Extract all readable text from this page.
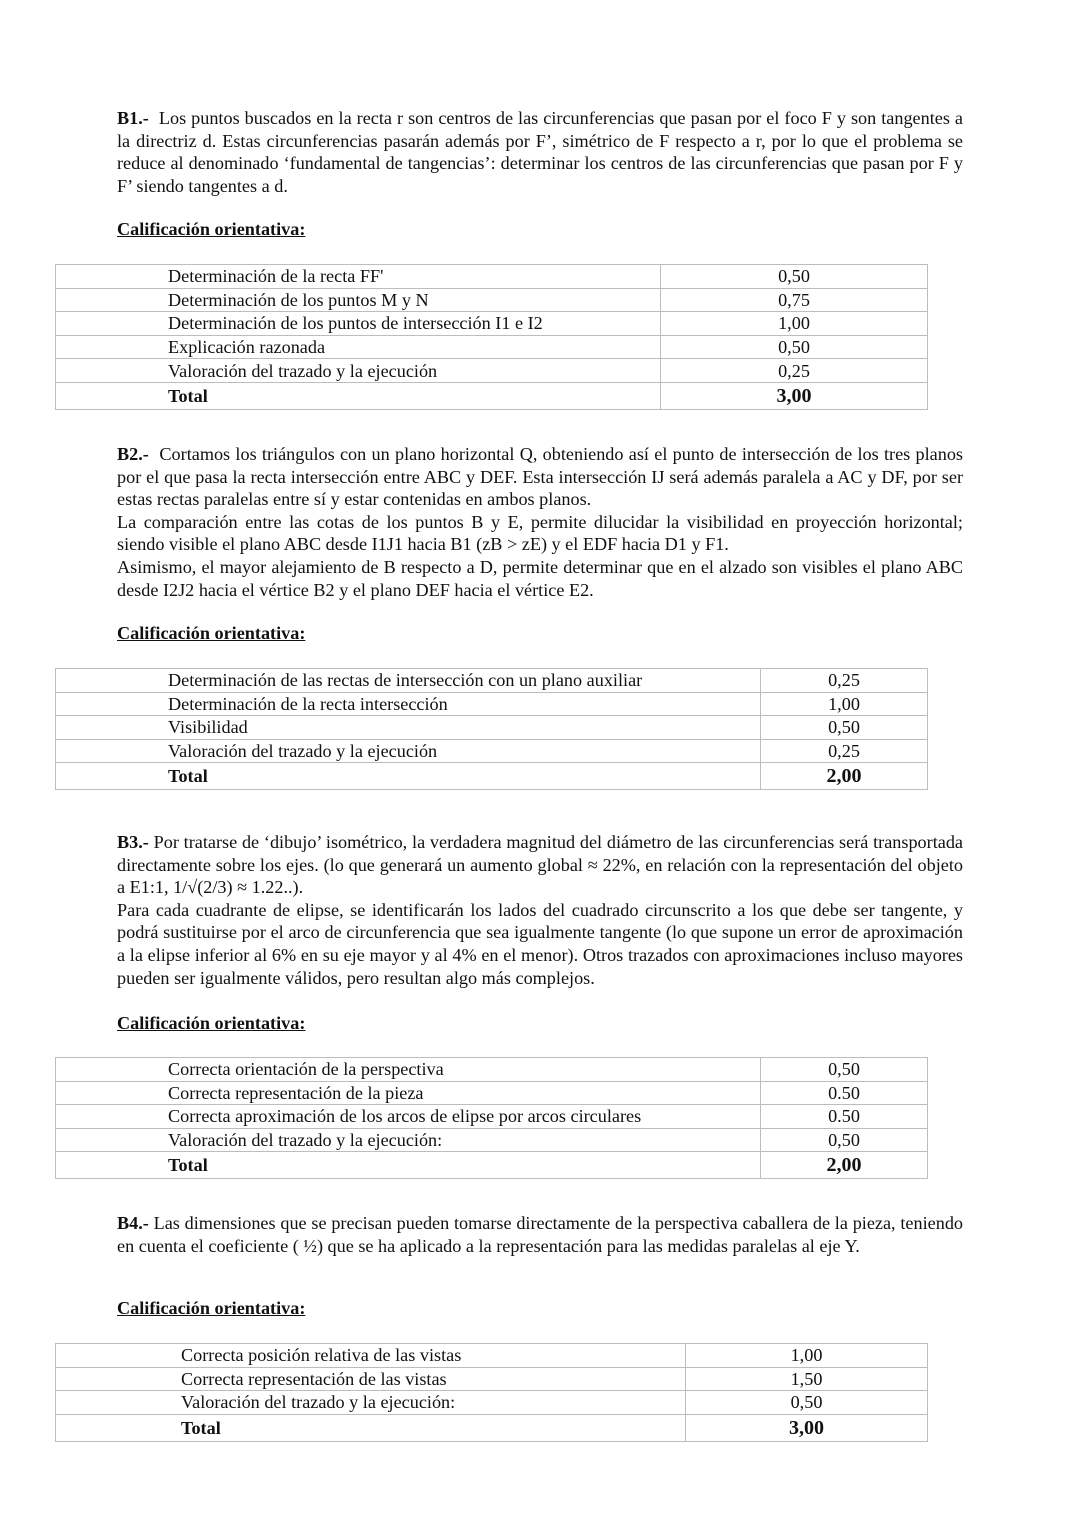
B1.- Los puntos buscados en la recta r son centros de las circunferencias que pasan por el foco F y son tangentes a la directriz d. Estas circunferencias pasarán además por F’, simétrico de F respecto a r, por lo que el problema se reduce al denominado ‘fundamental de tangencias’: determinar los centros de las circunferencias que pasan por F y F’ siendo tangentes a d.

Calificación orientativa:

Determinación de la recta FF'	0,50
Determinación de los puntos M y N	0,75
Determinación de los puntos de intersección I1 e I2	1,00
Explicación razonada	0,50
Valoración del trazado y la ejecución	0,25
Total	3,00
B2.- Cortamos los triángulos con un plano horizontal Q, obteniendo así el punto de intersección de los tres planos por el que pasa la recta intersección entre ABC y DEF. Esta intersección IJ será además paralela a AC y DF, por ser estas rectas paralelas entre sí y estar contenidas en ambos planos.
La comparación entre las cotas de los puntos B y E, permite dilucidar la visibilidad en proyección horizontal; siendo visible el plano ABC desde I1J1 hacia B1 (zB > zE) y el EDF hacia D1 y F1.
Asimismo, el mayor alejamiento de B respecto a D, permite determinar que en el alzado son visibles el plano ABC desde I2J2 hacia el vértice B2 y el plano DEF hacia el vértice E2.

Calificación orientativa:

Determinación de las rectas de intersección con un plano auxiliar	0,25
Determinación de la recta intersección	1,00
Visibilidad	0,50
Valoración del trazado y la ejecución	0,25
Total	2,00
B3.- Por tratarse de ‘dibujo’ isométrico, la verdadera magnitud del diámetro de las circunferencias será transportada directamente sobre los ejes. (lo que generará un aumento global ≈ 22%, en relación con la representación del objeto a E1:1, 1/√(2/3) ≈ 1.22..).
Para cada cuadrante de elipse, se identificarán los lados del cuadrado circunscrito a los que debe ser tangente, y podrá sustituirse por el arco de circunferencia que sea igualmente tangente (lo que supone un error de aproximación a la elipse inferior al 6% en su eje mayor y al 4% en el menor). Otros trazados con aproximaciones incluso mayores pueden ser igualmente válidos, pero resultan algo más complejos.

Calificación orientativa:

Correcta orientación de la perspectiva	0,50
Correcta representación de la pieza	0.50
Correcta aproximación de los arcos de elipse por arcos circulares	0.50
Valoración del trazado y la ejecución:	0,50
Total	2,00

B4.- Las dimensiones que se precisan pueden tomarse directamente de la perspectiva caballera de la pieza, teniendo en cuenta el coeficiente ( ½) que se ha aplicado a la representación para las medidas paralelas al eje Y.

Calificación orientativa:

Correcta posición relativa de las vistas	1,00
Correcta representación de las vistas	1,50
Valoración del trazado y la ejecución:	0,50
Total	3,00
